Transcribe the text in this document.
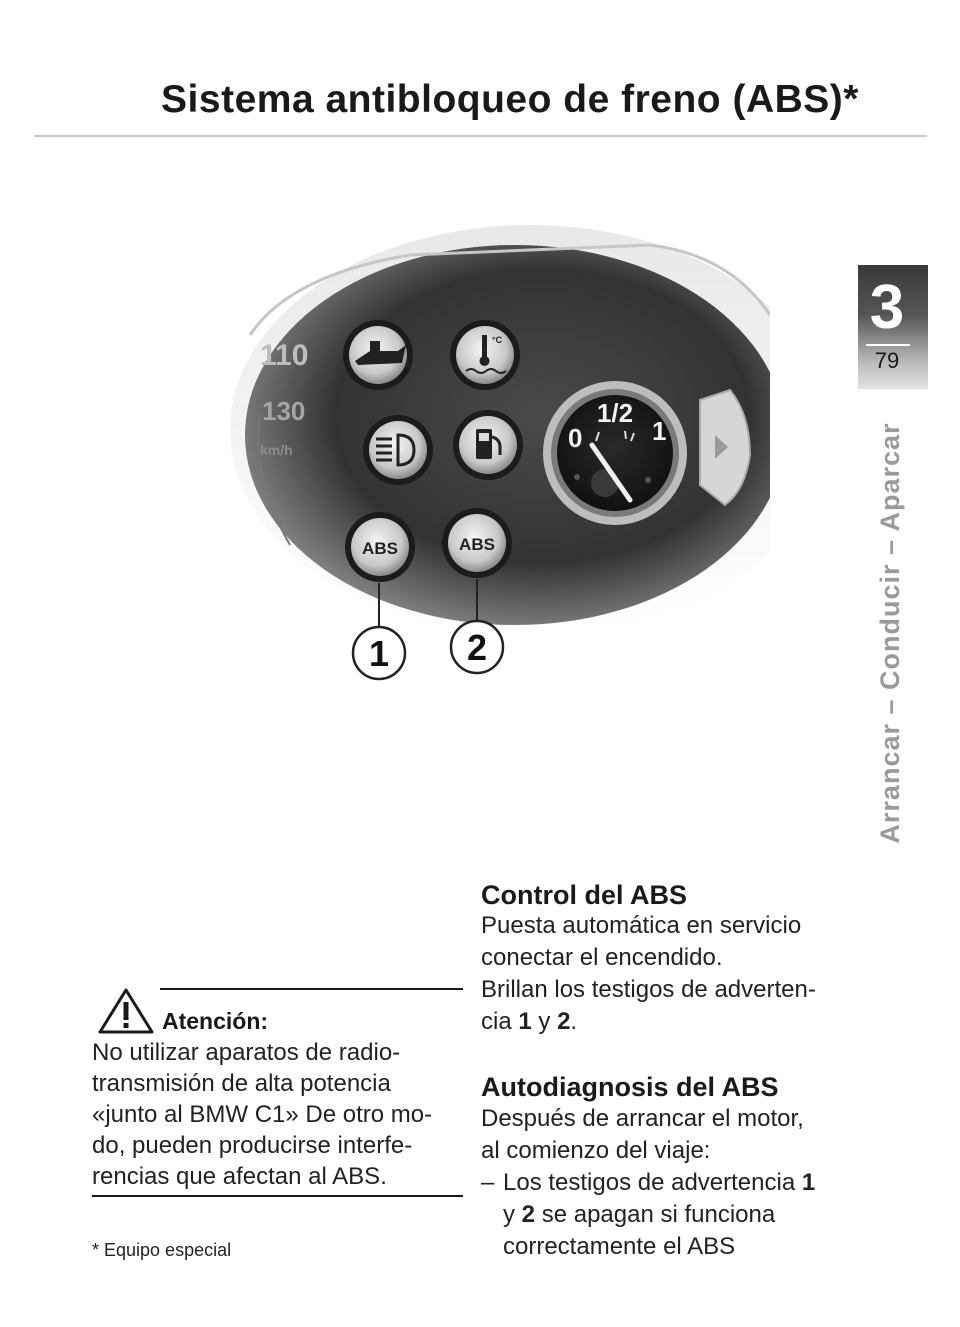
Sistema antibloqueo de freno (ABS)*
3
79
Arrancar – Conducir – Aparcar
110
130
km/h
°C
ABS	ABS
0
1/2
1
1 2
Atención:
No utilizar aparatos de radio-
transmisión de alta potencia
«junto al BMW C1» De otro mo-
do, pueden producirse interfe-
rencias que afectan al ABS.
* Equipo especial
Control del ABS
Puesta automática en servicio
conectar el encendido.
Brillan los testigos de adverten-
cia 1 y 2.
Autodiagnosis del ABS
Después de arrancar el motor,
al comienzo del viaje:
– Los testigos de advertencia 1
y 2 se apagan si funciona
correctamente el ABS
